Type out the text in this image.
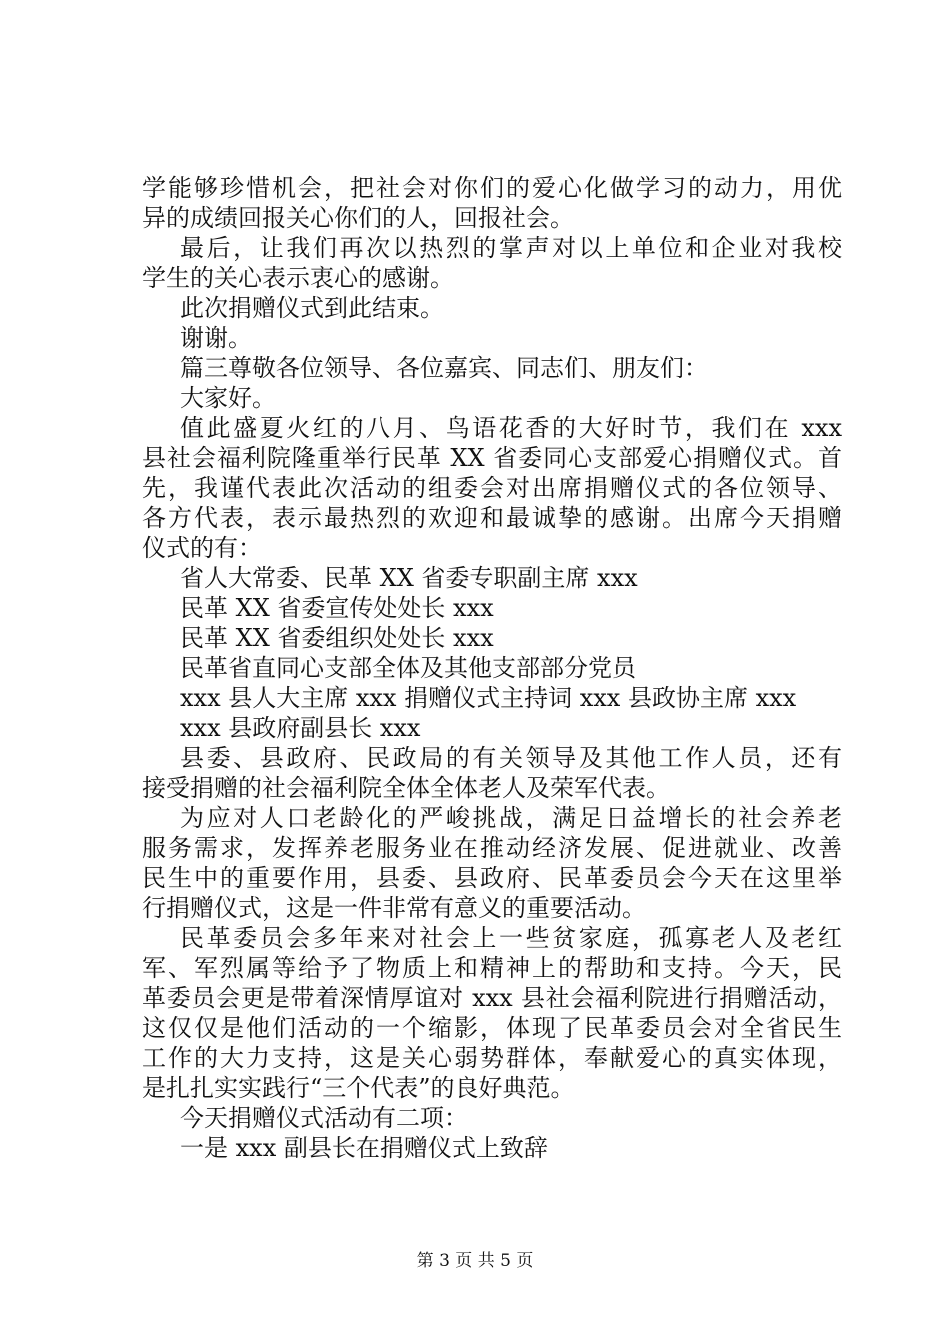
学能够珍惜机会，把社会对你们的爱心化做学习的动力，用优
异的成绩回报关心你们的人，回报社会。
最后，让我们再次以热烈的掌声对以上单位和企业对我校
学生的关心表示衷心的感谢。
此次捐赠仪式到此结束。
谢谢。
篇三尊敬各位领导、各位嘉宾、同志们、朋友们：
大家好。
值此盛夏火红的八月、鸟语花香的大好时节，我们在 xxx
县社会福利院隆重举行民革 XX 省委同心支部爱心捐赠仪式。首
先，我谨代表此次活动的组委会对出席捐赠仪式的各位领导、
各方代表，表示最热烈的欢迎和最诚挚的感谢。出席今天捐赠
仪式的有：
省人大常委、民革 XX 省委专职副主席 xxx
民革 XX 省委宣传处处长 xxx
民革 XX 省委组织处处长 xxx
民革省直同心支部全体及其他支部部分党员
xxx 县人大主席 xxx 捐赠仪式主持词 xxx 县政协主席 xxx
xxx 县政府副县长 xxx
县委、县政府、民政局的有关领导及其他工作人员，还有
接受捐赠的社会福利院全体全体老人及荣军代表。
为应对人口老龄化的严峻挑战，满足日益增长的社会养老
服务需求，发挥养老服务业在推动经济发展、促进就业、改善
民生中的重要作用，县委、县政府、民革委员会今天在这里举
行捐赠仪式，这是一件非常有意义的重要活动。
民革委员会多年来对社会上一些贫家庭，孤寡老人及老红
军、军烈属等给予了物质上和精神上的帮助和支持。今天，民
革委员会更是带着深情厚谊对 xxx 县社会福利院进行捐赠活动，
这仅仅是他们活动的一个缩影，体现了民革委员会对全省民生
工作的大力支持，这是关心弱势群体，奉献爱心的真实体现，
是扎扎实实践行“三个代表”的良好典范。
今天捐赠仪式活动有二项：
一是 xxx 副县长在捐赠仪式上致辞
第 3 页 共 5 页
